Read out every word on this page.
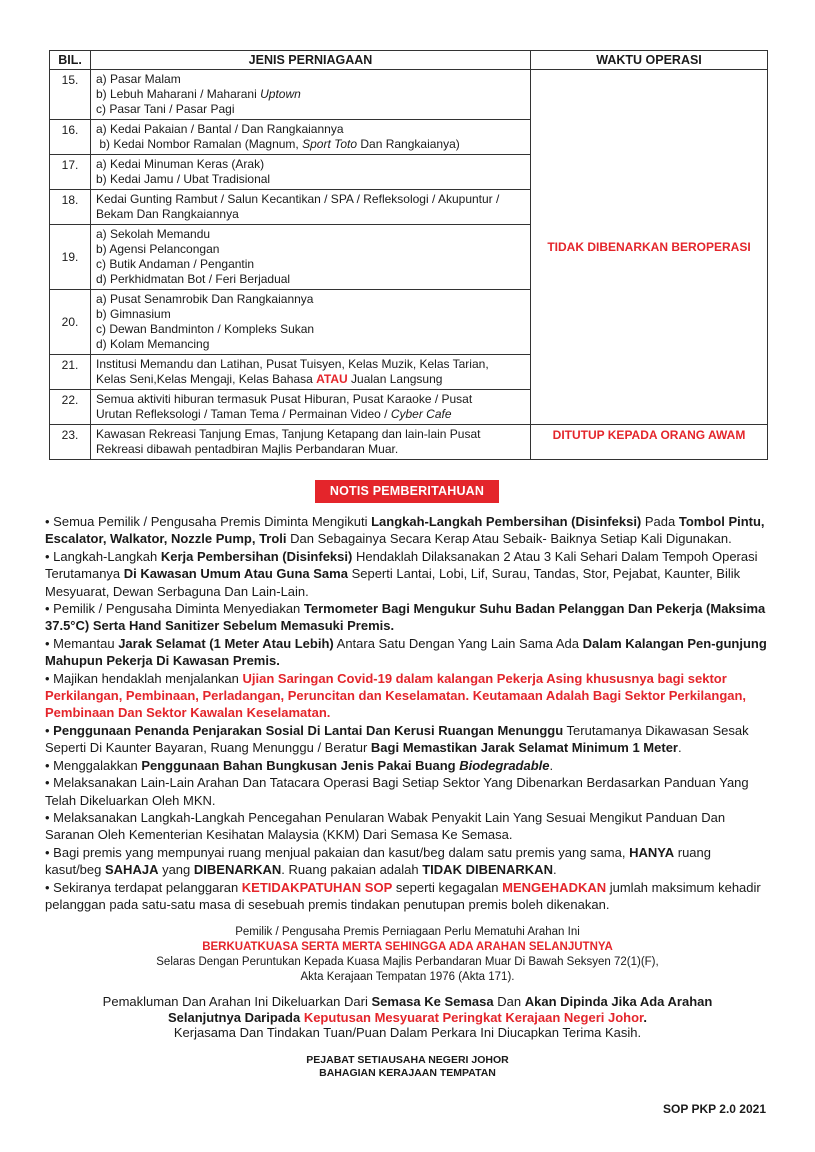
BIL.	JENIS PERNIAGAAN	WAKTU OPERASI
15.	a) Pasar Malam
b) Lebuh Maharani / Maharani Uptown
c) Pasar Tani / Pasar Pagi	TIDAK DIBENARKAN BEROPERASI
16.	a) Kedai Pakaian / Bantal / Dan Rangkaiannya
b) Kedai Nombor Ramalan (Magnum, Sport Toto Dan Rangkaianya)	

17.	a) Kedai Minuman Keras (Arak)
b) Kedai Jamu / Ubat Tradisional	

18.	Kedai Gunting Rambut / Salun Kecantikan / SPA / Refleksologi / Akupuntur /
Bekam Dan Rangkaiannya	

19.	a) Sekolah Memandu
b) Agensi Pelancongan
c) Butik Andaman / Pengantin
d) Perkhidmatan Bot / Feri Berjadual	

20.	a) Pusat Senamrobik Dan Rangkaiannya
b) Gimnasium
c) Dewan Bandminton / Kompleks Sukan
d) Kolam Memancing	

21.	Institusi Memandu dan Latihan, Pusat Tuisyen, Kelas Muzik, Kelas Tarian,
Kelas Seni,Kelas Mengaji, Kelas Bahasa ATAU Jualan Langsung	

22.	Semua aktiviti hiburan termasuk Pusat Hiburan, Pusat Karaoke / Pusat
Urutan Refleksologi / Taman Tema / Permainan Video / Cyber Cafe	

23.	Kawasan Rekreasi Tanjung Emas, Tanjung Ketapang dan lain-lain Pusat
Rekreasi dibawah pentadbiran Majlis Perbandaran Muar.	DITUTUP KEPADA ORANG AWAM
NOTIS PEMBERITAHUAN

• Semua Pemilik / Pengusaha Premis Diminta Mengikuti Langkah-Langkah Pembersihan (Disinfeksi) Pada Tombol Pintu, Escalator, Walkator, Nozzle Pump, Troli Dan Sebagainya Secara Kerap Atau Sebaik- Baiknya Setiap Kali Digunakan.

• Langkah-Langkah Kerja Pembersihan (Disinfeksi) Hendaklah Dilaksanakan 2 Atau 3 Kali Sehari Dalam Tempoh Operasi Terutamanya Di Kawasan Umum Atau Guna Sama Seperti Lantai, Lobi, Lif, Surau, Tandas, Stor, Pejabat, Kaunter, Bilik Mesyuarat, Dewan Serbaguna Dan Lain-Lain.

• Pemilik / Pengusaha Diminta Menyediakan Termometer Bagi Mengukur Suhu Badan Pelanggan Dan Pekerja (Maksima 37.5°C) Serta Hand Sanitizer Sebelum Memasuki Premis.

• Memantau Jarak Selamat (1 Meter Atau Lebih) Antara Satu Dengan Yang Lain Sama Ada Dalam Kalangan Pen-gunjung Mahupun Pekerja Di Kawasan Premis.

• Majikan hendaklah menjalankan Ujian Saringan Covid-19 dalam kalangan Pekerja Asing khususnya bagi sektor Perkilangan, Pembinaan, Perladangan, Peruncitan dan Keselamatan. Keutamaan Adalah Bagi Sektor Perkilangan, Pembinaan Dan Sektor Kawalan Keselamatan.

• Penggunaan Penanda Penjarakan Sosial Di Lantai Dan Kerusi Ruangan Menunggu Terutamanya Dikawasan Sesak Seperti Di Kaunter Bayaran, Ruang Menunggu / Beratur Bagi Memastikan Jarak Selamat Minimum 1 Meter.

• Menggalakkan Penggunaan Bahan Bungkusan Jenis Pakai Buang Biodegradable.

• Melaksanakan Lain-Lain Arahan Dan Tatacara Operasi Bagi Setiap Sektor Yang Dibenarkan Berdasarkan Panduan Yang Telah Dikeluarkan Oleh MKN.

• Melaksanakan Langkah-Langkah Pencegahan Penularan Wabak Penyakit Lain Yang Sesuai Mengikut Panduan Dan Saranan Oleh Kementerian Kesihatan Malaysia (KKM) Dari Semasa Ke Semasa.

• Bagi premis yang mempunyai ruang menjual pakaian dan kasut/beg dalam satu premis yang sama, HANYA ruang kasut/beg SAHAJA yang DIBENARKAN. Ruang pakaian adalah TIDAK DIBENARKAN.

• Sekiranya terdapat pelanggaran KETIDAKPATUHAN SOP seperti kegagalan MENGEHADKAN jumlah maksimum kehadir pelanggan pada satu-satu masa di sesebuah premis tindakan penutupan premis boleh dikenakan.

Pemilik / Pengusaha Premis Perniagaan Perlu Mematuhi Arahan Ini
BERKUATKUASA SERTA MERTA SEHINGGA ADA ARAHAN SELANJUTNYA
Selaras Dengan Peruntukan Kepada Kuasa Majlis Perbandaran Muar Di Bawah Seksyen 72(1)(F),
Akta Kerajaan Tempatan 1976 (Akta 171).
Pemakluman Dan Arahan Ini Dikeluarkan Dari Semasa Ke Semasa Dan Akan Dipinda Jika Ada Arahan
Selanjutnya Daripada Keputusan Mesyuarat Peringkat Kerajaan Negeri Johor.
Kerjasama Dan Tindakan Tuan/Puan Dalam Perkara Ini Diucapkan Terima Kasih.
PEJABAT SETIAUSAHA NEGERI JOHOR
BAHAGIAN KERAJAAN TEMPATAN
SOP PKP 2.0 2021
